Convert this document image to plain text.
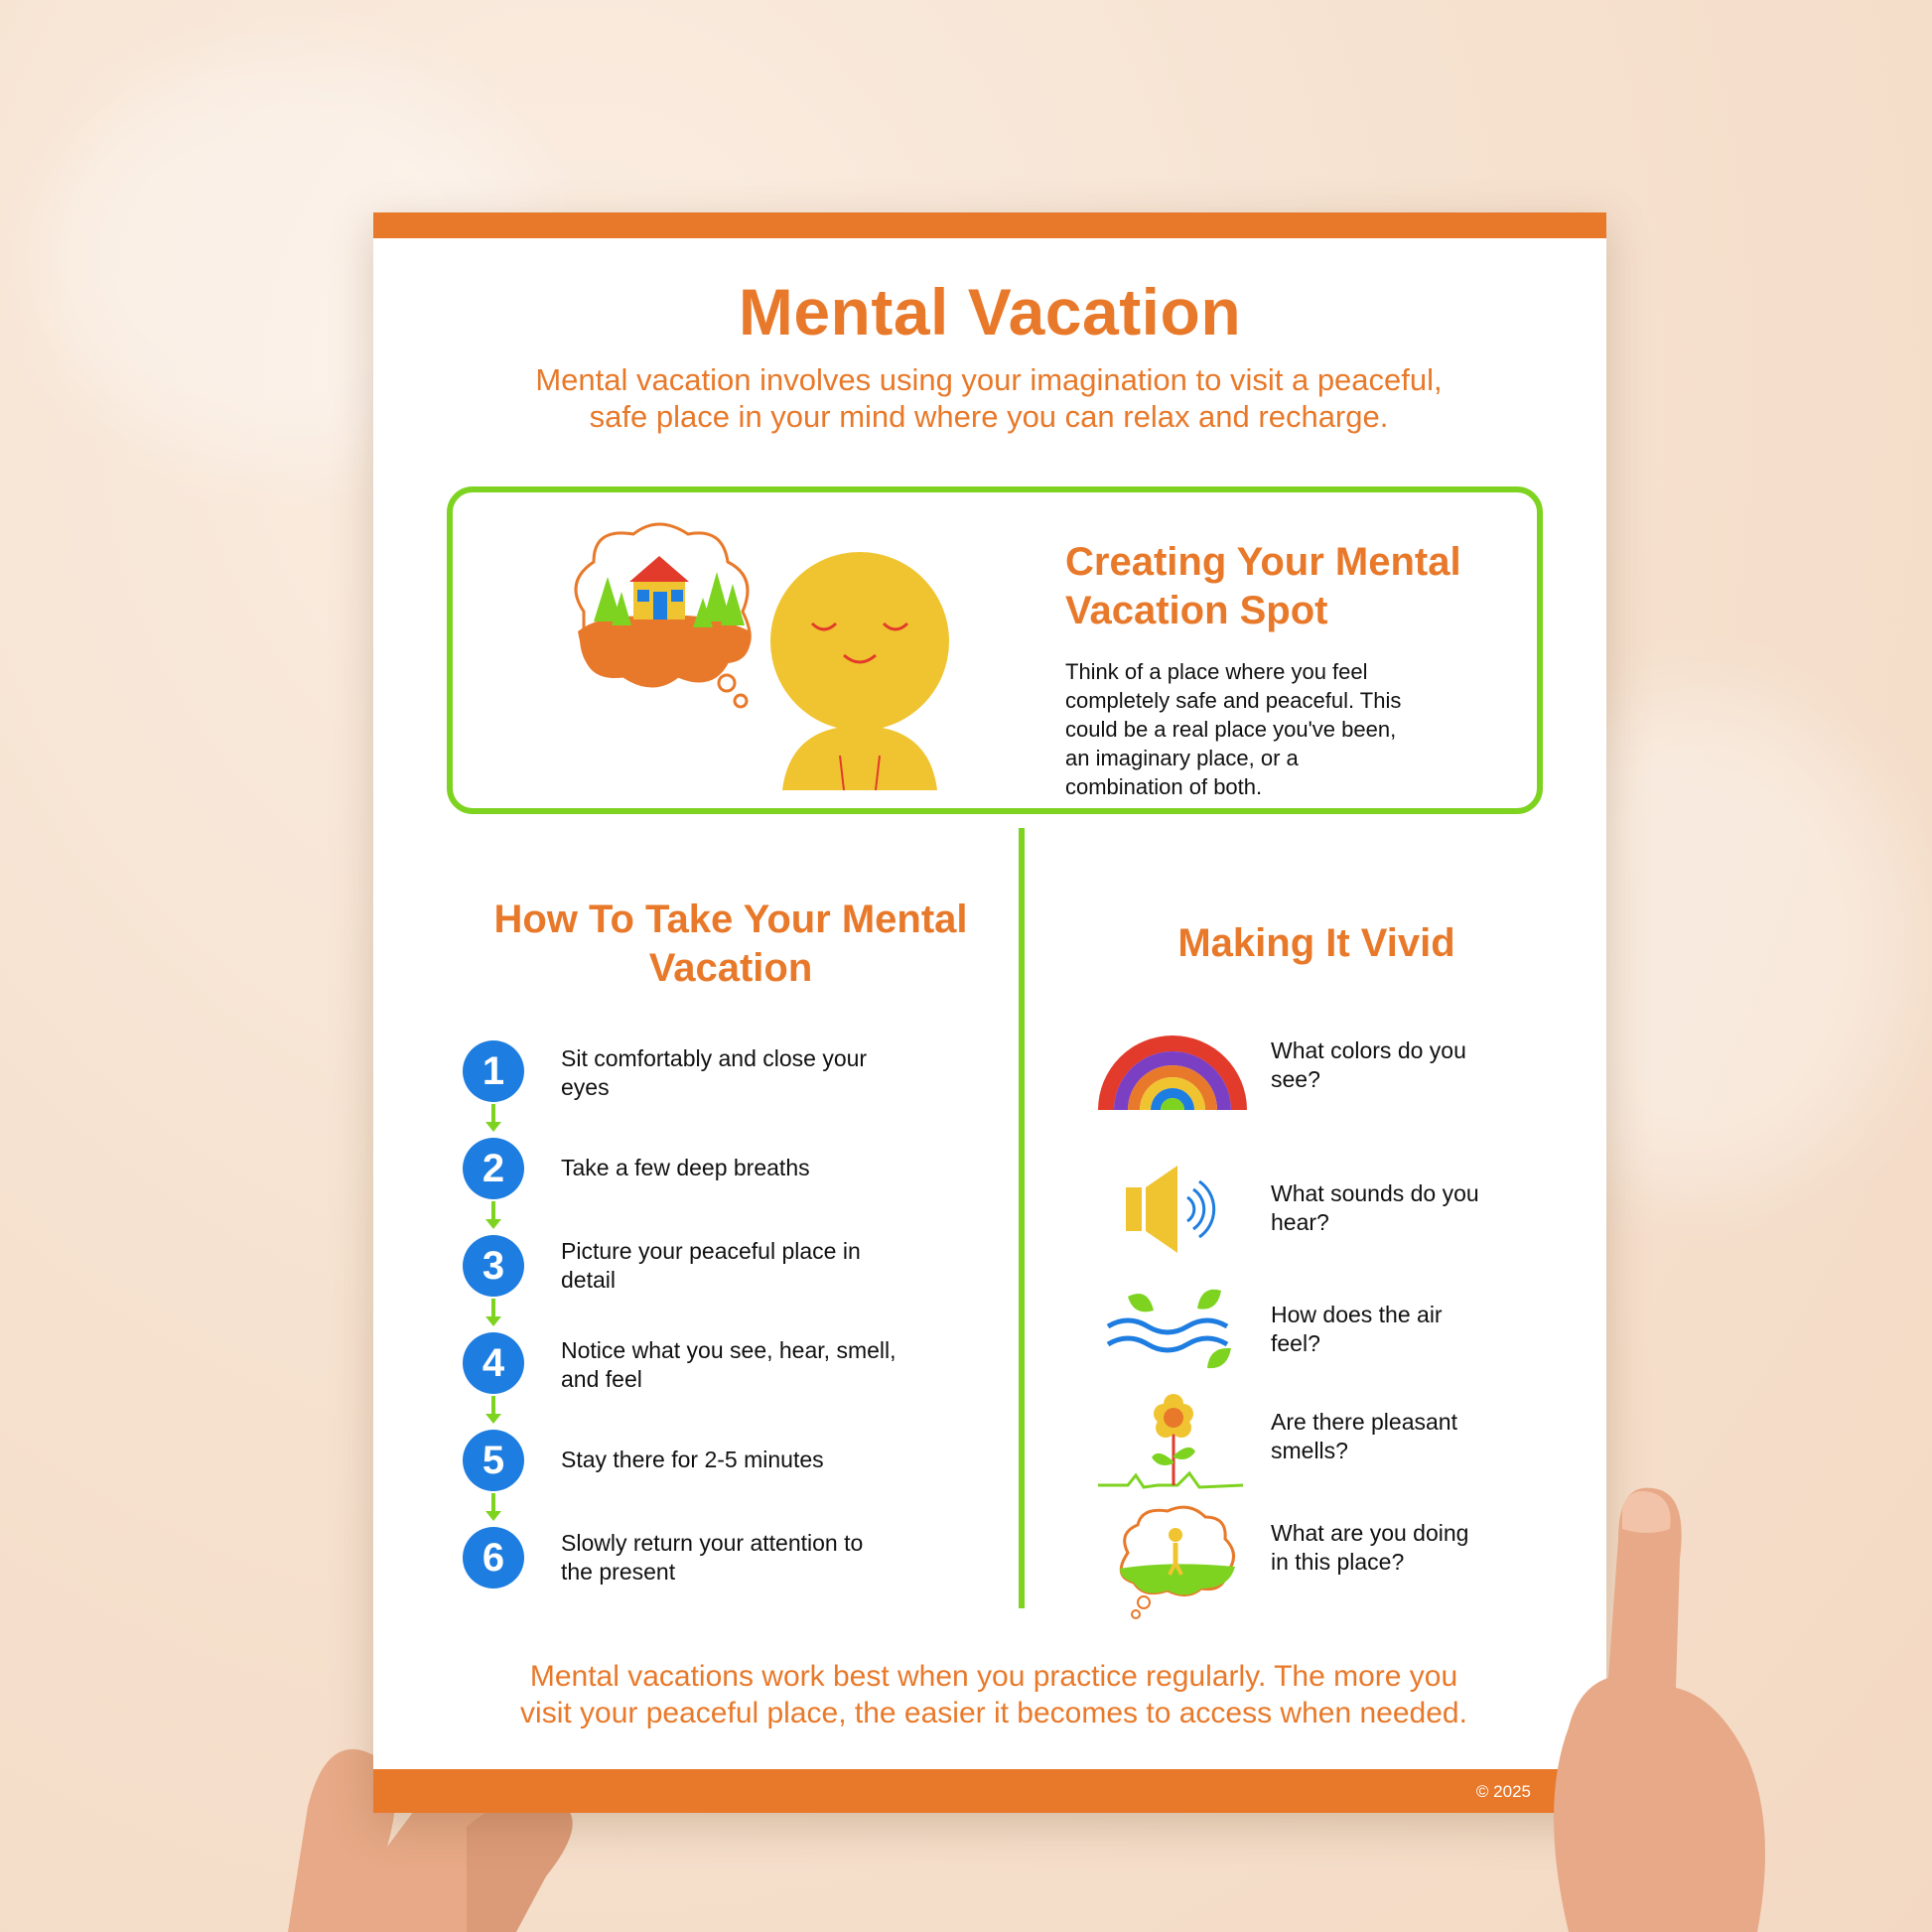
Mental Vacation
Mental vacation involves using your imagination to visit a peaceful,
safe place in your mind where you can relax and recharge.
Creating Your Mental
Vacation Spot
Think of a place where you feel
completely safe and peaceful. This
could be a real place you've been,
an imaginary place, or a
combination of both.
How To Take Your Mental
Vacation
1	Sit comfortably and close your
eyes
2	Take a few deep breaths
3	Picture your peaceful place in
detail
4	Notice what you see, hear, smell,
and feel
5	Stay there for 2-5 minutes
6	Slowly return your attention to
the present
Making It Vivid
What colors do you
see?
What sounds do you
hear?
How does the air
feel?
Are there pleasant
smells?
What are you doing
in this place?
Mental vacations work best when you practice regularly. The more you
visit your peaceful place, the easier it becomes to access when needed.
© 2025
